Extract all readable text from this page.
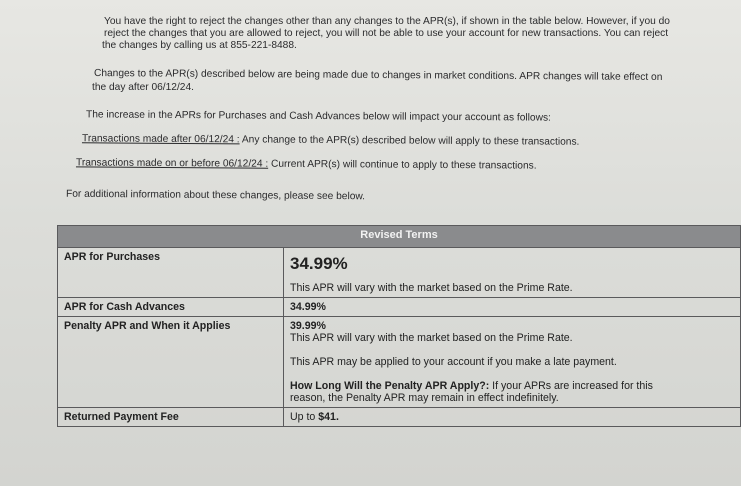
You have the right to reject the changes other than any changes to the APR(s), if shown in the table below. However, if you do
reject the changes that you are allowed to reject, you will not be able to use your account for new transactions. You can reject
the changes by calling us at 855-221-8488.
Changes to the APR(s) described below are being made due to changes in market conditions. APR changes will take effect on
the day after 06/12/24.
The increase in the APRs for Purchases and Cash Advances below will impact your account as follows:
Transactions made after 06/12/24 : Any change to the APR(s) described below will apply to these transactions.
Transactions made on or before 06/12/24 : Current APR(s) will continue to apply to these transactions.
For additional information about these changes, please see below.
Revised Terms	
APR for Purchases	34.99%

This APR will vary with the market based on the Prime Rate.

APR for Cash Advances	34.99%
Penalty APR and When it Applies	39.99%

This APR will vary with the market based on the Prime Rate.

This APR may be applied to your account if you make a late payment.

How Long Will the Penalty APR Apply?: If your APRs are increased for this

reason, the Penalty APR may remain in effect indefinitely.

Returned Payment Fee	Up to $41.
